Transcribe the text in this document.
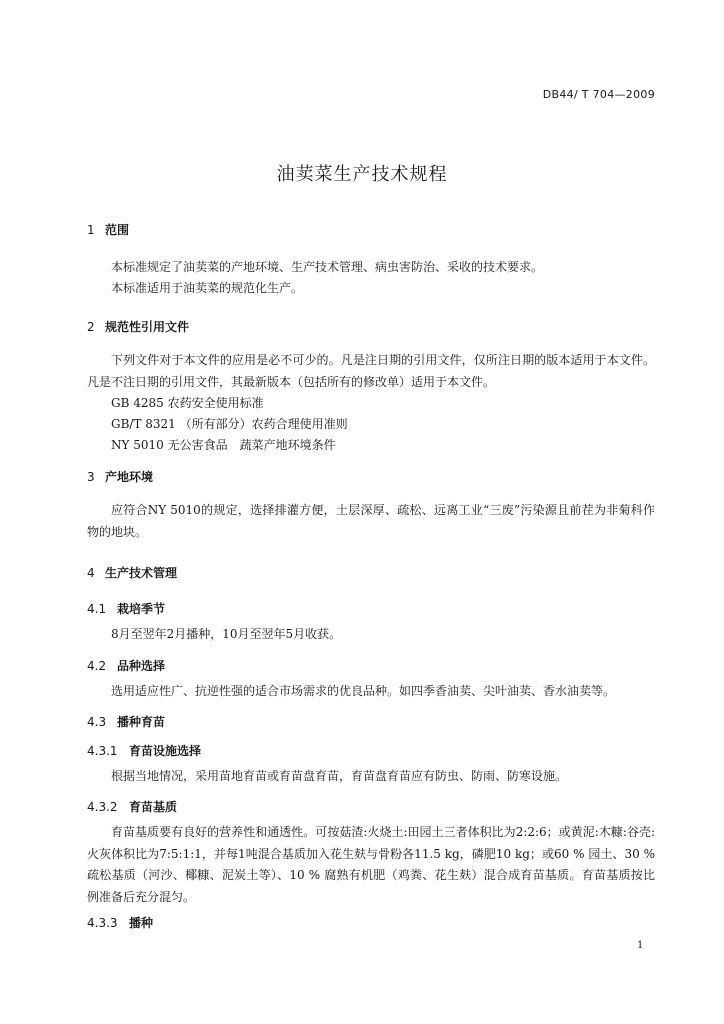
DB44/ T 704—2009
油荬菜生产技术规程
1 范围
本标准规定了油荬菜的产地环境、生产技术管理、病虫害防治、采收的技术要求。
本标准适用于油荬菜的规范化生产。
2 规范性引用文件
下列文件对于本文件的应用是必不可少的。凡是注日期的引用文件，仅所注日期的版本适用于本文件。凡是不注日期的引用文件，其最新版本（包括所有的修改单）适用于本文件。
GB 4285 农药安全使用标准
GB/T 8321 （所有部分）农药合理使用准则
NY 5010 无公害食品　蔬菜产地环境条件
3 产地环境
应符合NY 5010的规定，选择排灌方便，土层深厚、疏松、远离工业“三废”污染源且前茬为非菊科作物的地块。
4 生产技术管理
4.1 栽培季节
8月至翌年2月播种，10月至翌年5月收获。
4.2 品种选择
选用适应性广、抗逆性强的适合市场需求的优良品种。如四季香油荬、尖叶油荬、香水油荬等。
4.3 播种育苗
4.3.1 育苗设施选择
根据当地情况，采用苗地育苗或育苗盘育苗，育苗盘育苗应有防虫、防雨、防寒设施。
4.3.2 育苗基质
育苗基质要有良好的营养性和通透性。可按菇渣:火烧土:田园土三者体积比为2:2:6；或黄泥:木糠:谷壳:火灰体积比为7:5:1:1，并每1吨混合基质加入花生麸与骨粉各11.5 kg，磷肥10 kg；或60 % 园土、30 % 疏松基质（河沙、椰糠、泥炭土等）、10 % 腐熟有机肥（鸡粪、花生麸）混合成育苗基质。育苗基质按比例准备后充分混匀。
4.3.3 播种
1
